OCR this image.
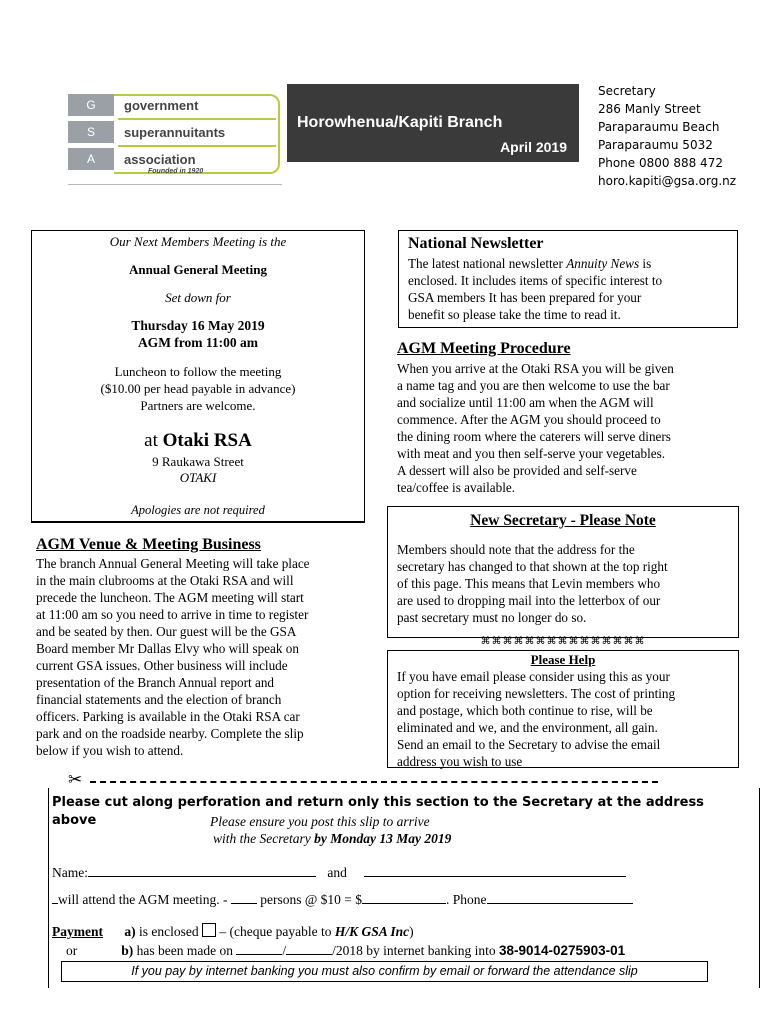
G
S
A
government
superannuitants
association
Founded in 1920
Horowhenua/Kapiti Branch
April 2019
Secretary
286 Manly Street
Paraparaumu Beach
Paraparaumu 5032
Phone 0800 888 472
horo.kapiti@gsa.org.nz
Our Next Members Meeting is the
Annual General Meeting
Set down for
Thursday 16 May 2019
AGM from 11:00 am
Luncheon to follow the meeting
($10.00 per head payable in advance)
Partners are welcome.
at Otaki RSA
9 Raukawa Street
OTAKI
Apologies are not required
AGM Venue & Meeting Business
The branch Annual General Meeting will take place
in the main clubrooms at the Otaki RSA and will
precede the luncheon. The AGM meeting will start
at 11:00 am so you need to arrive in time to register
and be seated by then. Our guest will be the GSA
Board member Mr Dallas Elvy who will speak on
current GSA issues. Other business will include
presentation of the Branch Annual report and
financial statements and the election of branch
officers. Parking is available in the Otaki RSA car
park and on the roadside nearby. Complete the slip
below if you wish to attend.
National Newsletter
The latest national newsletter Annuity News is
enclosed. It includes items of specific interest to
GSA members It has been prepared for your
benefit so please take the time to read it.
AGM Meeting Procedure
When you arrive at the Otaki RSA you will be given
a name tag and you are then welcome to use the bar
and socialize until 11:00 am when the AGM will
commence. After the AGM you should proceed to
the dining room where the caterers will serve diners
with meat and you then self-serve your vegetables.
A dessert will also be provided and self-serve
tea/coffee is available.
New Secretary - Please Note
Members should note that the address for the
secretary has changed to that shown at the top right
of this page. This means that Levin members who
are used to dropping mail into the letterbox of our
past secretary must no longer do so.
⌘⌘⌘⌘⌘⌘⌘⌘⌘⌘⌘⌘⌘⌘⌘
Please Help
If you have email please consider using this as your
option for receiving newsletters. The cost of printing
and postage, which both continue to rise, will be
eliminated and we, and the environment, all gain.
Send an email to the Secretary to advise the email
address you wish to use
✂
Please cut along perforation and return only this section to the Secretary at the address
above	Please ensure you post this slip to arrive
with the Secretary by Monday 13 May 2019
Name:	and
will attend the AGM meeting. -  persons @ $10 = $	. Phone
Payment a) is enclosed  – (cheque payable to H/K GSA Inc)
or	b) has been made on	/	/2018 by internet banking into 38-9014-0275903-01
If you pay by internet banking you must also confirm by email or forward the attendance slip
